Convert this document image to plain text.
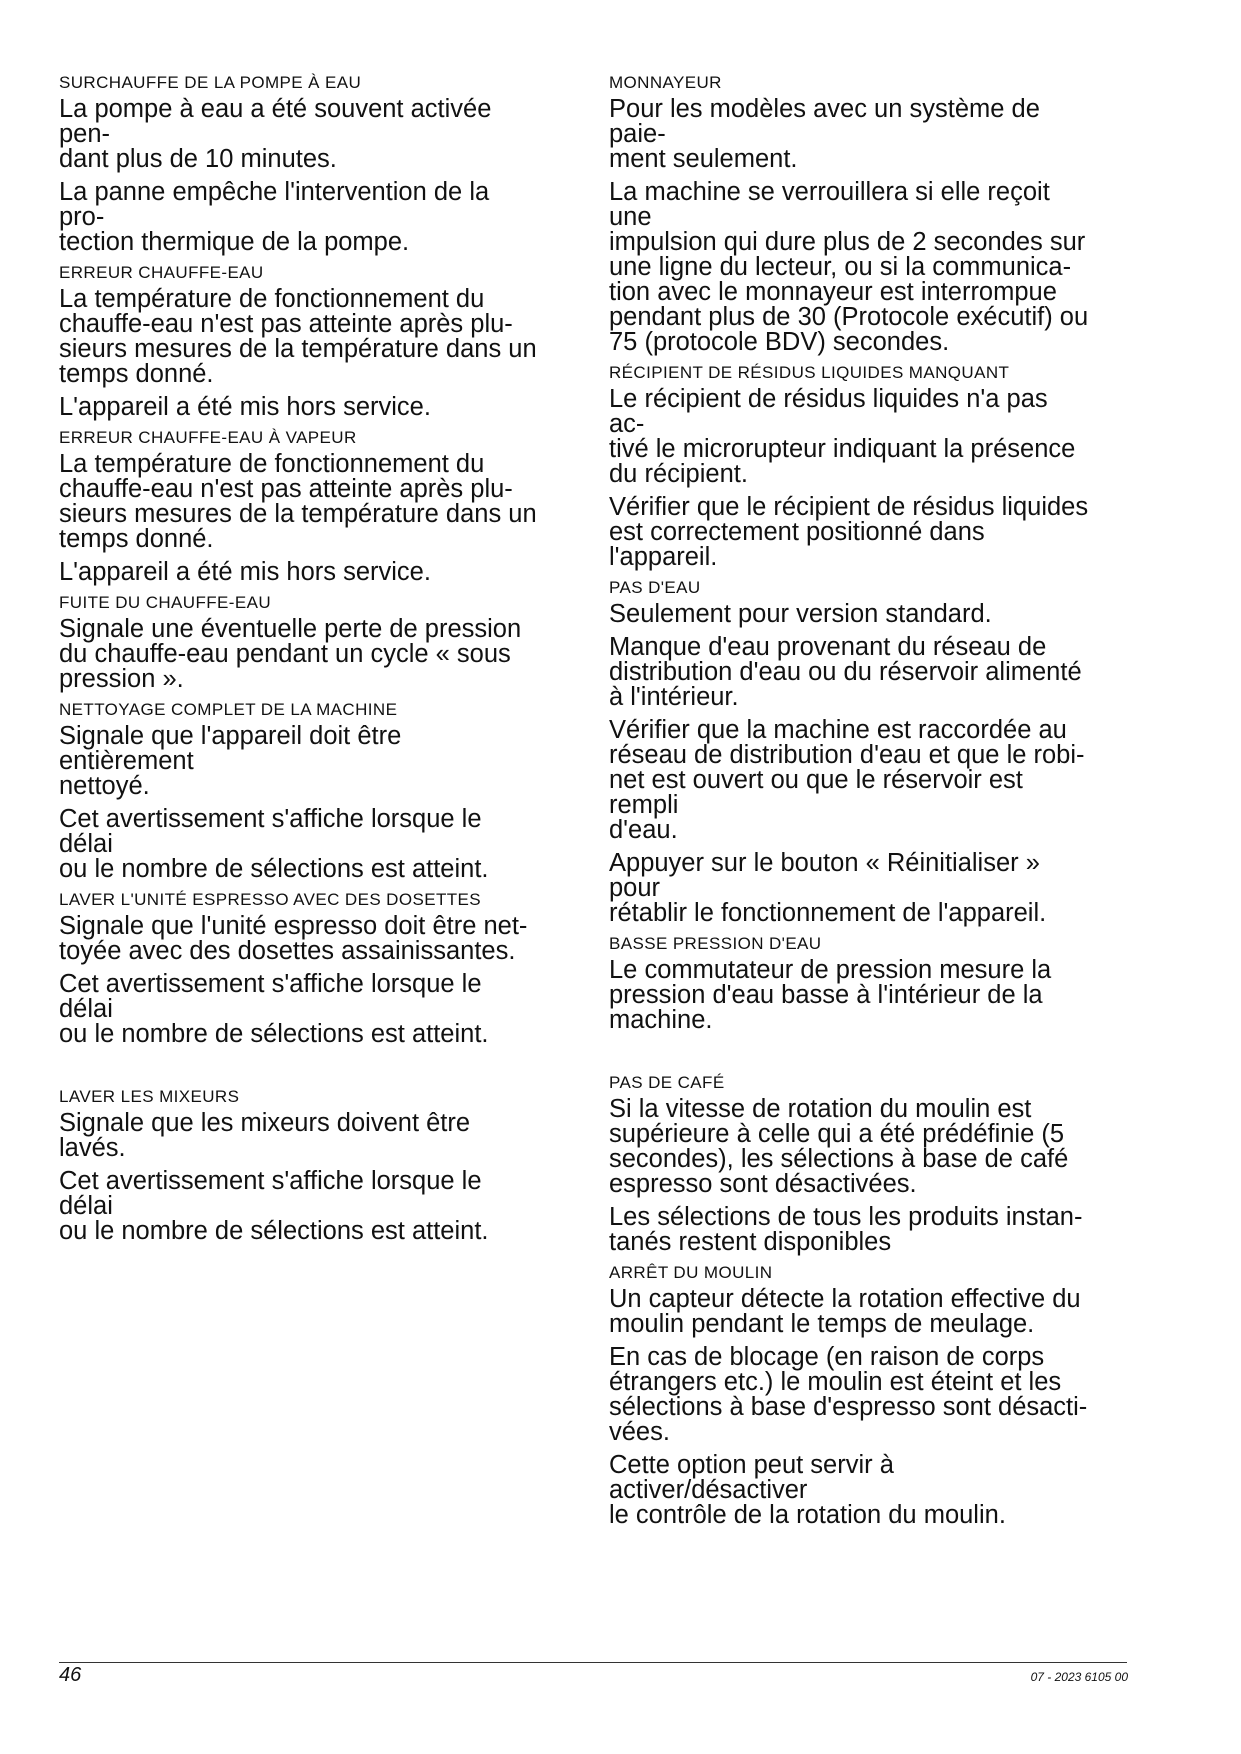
SURCHAUFFE DE LA POMPE À EAU
La pompe à eau a été souvent activée pen-
dant plus de 10 minutes.
La panne empêche l'intervention de la pro-
tection thermique de la pompe.
ERREUR CHAUFFE-EAU
La température de fonctionnement du
chauffe-eau n'est pas atteinte après plu-
sieurs mesures de la température dans un
temps donné.
L'appareil a été mis hors service.
ERREUR CHAUFFE-EAU À VAPEUR
La température de fonctionnement du
chauffe-eau n'est pas atteinte après plu-
sieurs mesures de la température dans un
temps donné.
L'appareil a été mis hors service.
FUITE DU CHAUFFE-EAU
Signale une éventuelle perte de pression
du chauffe-eau pendant un cycle « sous
pression ».
NETTOYAGE COMPLET DE LA MACHINE
Signale que l'appareil doit être entièrement
nettoyé.
Cet avertissement s'affiche lorsque le délai
ou le nombre de sélections est atteint.
LAVER L'UNITÉ ESPRESSO AVEC DES DOSETTES
Signale que l'unité espresso doit être net-
toyée avec des dosettes assainissantes.
Cet avertissement s'affiche lorsque le délai
ou le nombre de sélections est atteint.
LAVER LES MIXEURS
Signale que les mixeurs doivent être lavés.
Cet avertissement s'affiche lorsque le délai
ou le nombre de sélections est atteint.
MONNAYEUR
Pour les modèles avec un système de paie-
ment seulement.
La machine se verrouillera si elle reçoit une
impulsion qui dure plus de 2 secondes sur
une ligne du lecteur, ou si la communica-
tion avec le monnayeur est interrompue
pendant plus de 30 (Protocole exécutif) ou
75 (protocole BDV) secondes.
RÉCIPIENT DE RÉSIDUS LIQUIDES MANQUANT
Le récipient de résidus liquides n'a pas ac-
tivé le microrupteur indiquant la présence
du récipient.
Vérifier que le récipient de résidus liquides
est correctement positionné dans l'appareil.
PAS D'EAU
Seulement pour version standard.
Manque d'eau provenant du réseau de
distribution d'eau ou du réservoir alimenté
à l'intérieur.
Vérifier que la machine est raccordée au
réseau de distribution d'eau et que le robi-
net est ouvert ou que le réservoir est rempli
d'eau.
Appuyer sur le bouton « Réinitialiser » pour
rétablir le fonctionnement de l'appareil.
BASSE PRESSION D'EAU
Le commutateur de pression mesure la
pression d'eau basse à l'intérieur de la
machine.
PAS DE CAFÉ
Si la vitesse de rotation du moulin est
supérieure à celle qui a été prédéfinie (5
secondes), les sélections à base de café
espresso sont désactivées.
Les sélections de tous les produits instan-
tanés restent disponibles
ARRÊT DU MOULIN
Un capteur détecte la rotation effective du
moulin pendant le temps de meulage.
En cas de blocage (en raison de corps
étrangers etc.) le moulin est éteint et les
sélections à base d'espresso sont désacti-
vées.
Cette option peut servir à activer/désactiver
le contrôle de la rotation du moulin.
46	07 - 2023 6105 00
